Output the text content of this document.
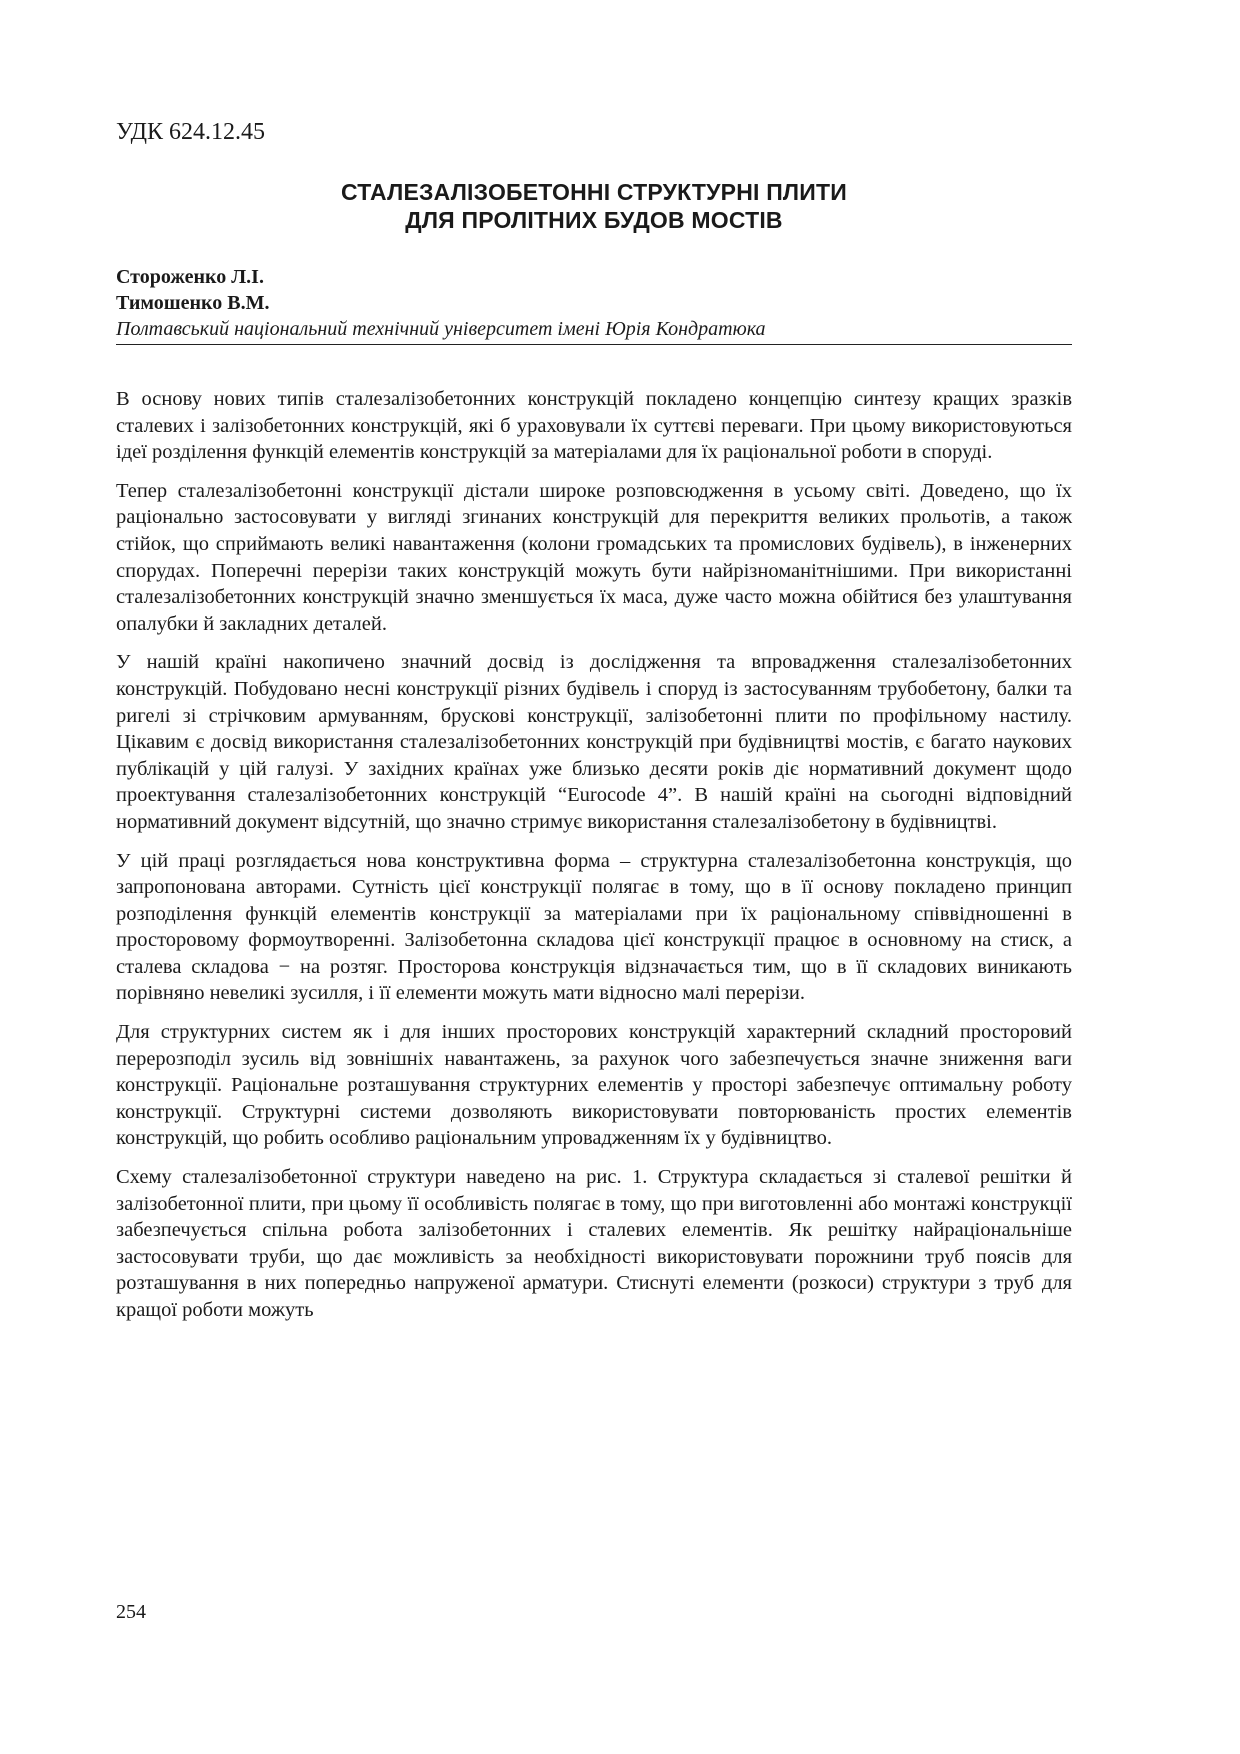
УДК 624.12.45
СТАЛЕЗАЛІЗОБЕТОННІ СТРУКТУРНІ ПЛИТИ
ДЛЯ ПРОЛІТНИХ БУДОВ МОСТІВ
Стороженко Л.І.
Тимошенко В.М.
Полтавський національний технічний університет імені Юрія Кондратюка

В основу нових типів сталезалізобетонних конструкцій покладено концепцію синтезу кращих зразків сталевих і залізобетонних конструкцій, які б ураховували їх суттєві переваги. При цьому використовуються ідеї розділення функцій елементів конструкцій за матеріалами для їх раціональної роботи в споруді.

Тепер сталезалізобетонні конструкції дістали широке розповсюдження в усьому світі. Доведено, що їх раціонально застосовувати у вигляді згинаних конструкцій для перекриття великих прольотів, а також стійок, що сприймають великі навантаження (колони громадських та промислових будівель), в інженерних спорудах. Поперечні перерізи таких конструкцій можуть бути найрізноманітнішими. При використанні сталезалізобетонних конструкцій значно зменшується їх маса, дуже часто можна обійтися без улаштування опалубки й закладних деталей.

У нашій країні накопичено значний досвід із дослідження та впровадження сталезалізобетонних конструкцій. Побудовано несні конструкції різних будівель і споруд із застосуванням трубобетону, балки та ригелі зі стрічковим армуванням, брускові конструкції, залізобетонні плити по профільному настилу. Цікавим є досвід використання сталезалізобетонних конструкцій при будівництві мостів, є багато наукових публікацій у цій галузі. У західних країнах уже близько десяти років діє нормативний документ щодо проектування сталезалізобетонних конструкцій “Eurocode 4”. В нашій країні на сьогодні відповідний нормативний документ відсутній, що значно стримує використання сталезалізобетону в будівництві.

У цій праці розглядається нова конструктивна форма – структурна сталезалізобетонна конструкція, що запропонована авторами. Сутність цієї конструкції полягає в тому, що в її основу покладено принцип розподілення функцій елементів конструкції за матеріалами при їх раціональному співвідношенні в просторовому формоутворенні. Залізобетонна складова цієї конструкції працює в основному на стиск, а сталева складова − на розтяг. Просторова конструкція відзначається тим, що в її складових виникають порівняно невеликі зусилля, і її елементи можуть мати відносно малі перерізи.

Для структурних систем як і для інших просторових конструкцій характерний складний просторовий перерозподіл зусиль від зовнішніх навантажень, за рахунок чого забезпечується значне зниження ваги конструкції. Раціональне розташування структурних елементів у просторі забезпечує оптимальну роботу конструкції. Структурні системи дозволяють використовувати повторюваність простих елементів конструкцій, що робить особливо раціональним упровадженням їх у будівництво.

Схему сталезалізобетонної структури наведено на рис. 1. Структура складається зі сталевої решітки й залізобетонної плити, при цьому її особливість полягає в тому, що при виготовленні або монтажі конструкції забезпечується спільна робота залізобетонних і сталевих елементів. Як решітку найраціональніше застосовувати труби, що дає можливість за необхідності використовувати порожнини труб поясів для розташування в них попередньо напруженої арматури. Стиснуті елементи (розкоси) структури з труб для кращої роботи можуть

254
